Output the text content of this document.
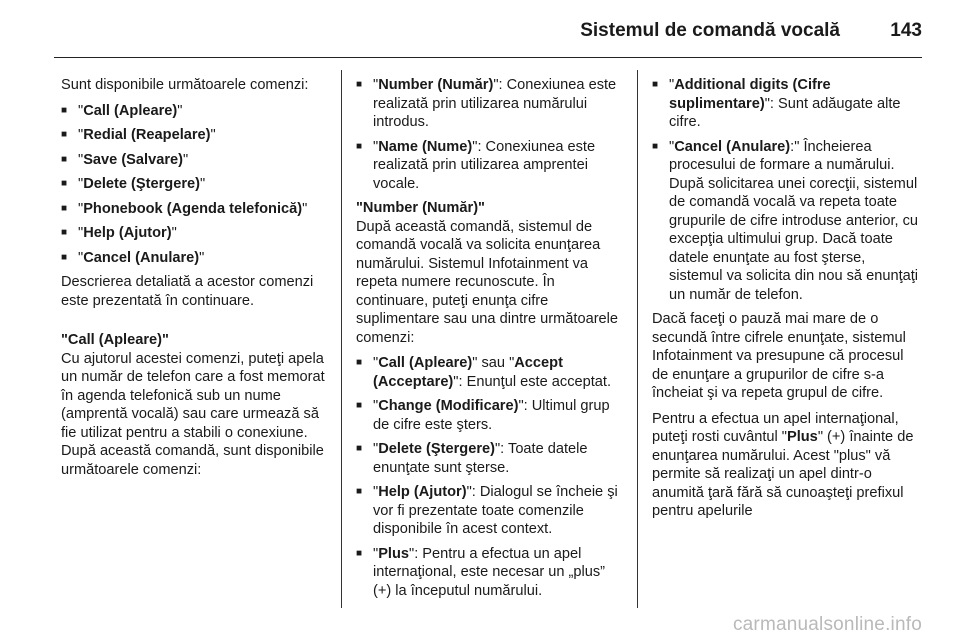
Sistemul de comandă vocală	143

Sunt disponibile următoarele comenzi:

■ "Call (Apleare)"
■ "Redial (Reapelare)"
■ "Save (Salvare)"
■ "Delete (Ştergere)"
■ "Phonebook (Agenda telefonică)"
■ "Help (Ajutor)"
■ "Cancel (Anulare)"

Descrierea detaliată a acestor comenzi este prezentată în continuare.

"Call (Apleare)"

Cu ajutorul acestei comenzi, puteţi apela un număr de telefon care a fost memorat în agenda telefonică sub un nume (amprentă vocală) sau care urmează să fie utilizat pentru a stabili o conexiune. După această comandă, sunt disponibile următoarele comenzi:

■ "Number (Număr)": Conexiunea este realizată prin utilizarea numărului introdus.
■ "Name (Nume)": Conexiunea este realizată prin utilizarea amprentei vocale.

"Number (Număr)"

După această comandă, sistemul de comandă vocală va solicita enunţarea numărului. Sistemul Infotainment va repeta numere recunoscute. În continuare, puteţi enunţa cifre suplimentare sau una dintre următoarele comenzi:

■ "Call (Apleare)" sau "Accept (Acceptare)": Enunţul este acceptat.
■ "Change (Modificare)": Ultimul grup de cifre este şters.
■ "Delete (Ştergere)": Toate datele enunţate sunt şterse.
■ "Help (Ajutor)": Dialogul se încheie şi vor fi prezentate toate comenzile disponibile în acest context.
■ "Plus": Pentru a efectua un apel internaţional, este necesar un „plus” (+) la începutul numărului.
■ "Additional digits (Cifre suplimentare)": Sunt adăugate alte cifre.
■ "Cancel (Anulare):" Încheierea procesului de formare a numărului. După solicitarea unei corecţii, sistemul de comandă vocală va repeta toate grupurile de cifre introduse anterior, cu excepţia ultimului grup. Dacă toate datele enunţate au fost şterse, sistemul va solicita din nou să enunţaţi un număr de telefon.

Dacă faceţi o pauză mai mare de o secundă între cifrele enunţate, sistemul Infotainment va presupune că procesul de enunţare a grupurilor de cifre s-a încheiat şi va repeta grupul de cifre.

Pentru a efectua un apel internaţional, puteţi rosti cuvântul "Plus" (+) înainte de enunţarea numărului. Acest "plus" vă permite să realizaţi un apel dintr-o anumită ţară fără să cunoaşteţi prefixul pentru apelurile

carmanualsonline.info
